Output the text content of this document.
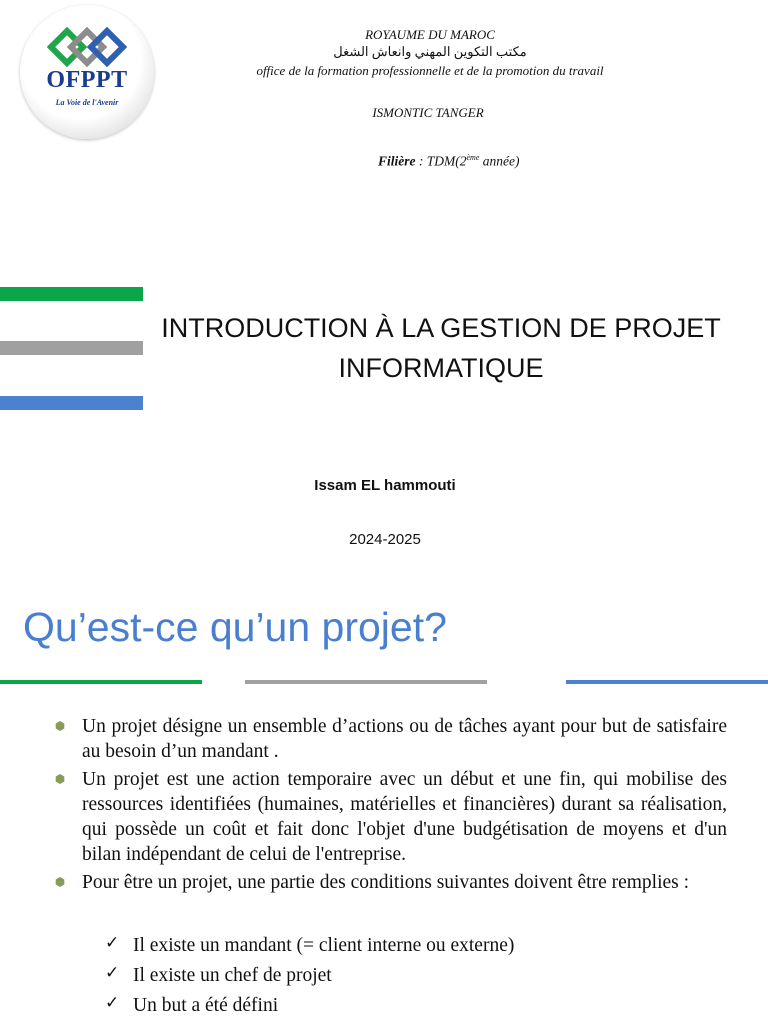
OFPPT
La Voie de l'Avenir
ROYAUME DU MAROC
مكتب التكوين المهني وانعاش الشغل
office de la formation professionnelle et de la promotion du travail
ISMONTIC TANGER
Filière : TDM(2ème année)
INTRODUCTION À LA GESTION DE PROJET
INFORMATIQUE
Issam EL hammouti
2024-2025
Qu’est-ce qu’un projet?
Un projet désigne un ensemble d’actions ou de tâches ayant pour but de satisfaire au besoin d’un mandant .
Un projet est une action temporaire avec un début et une fin, qui mobilise des ressources identifiées (humaines, matérielles et financières) durant sa réalisation, qui possède un coût et fait donc l'objet d'une budgétisation de moyens et d'un bilan indépendant de celui de l'entreprise.
Pour être un projet, une partie des conditions suivantes doivent être remplies :
✓ Il existe un mandant (= client interne ou externe)
✓ Il existe un chef de projet
✓ Un but a été défini
